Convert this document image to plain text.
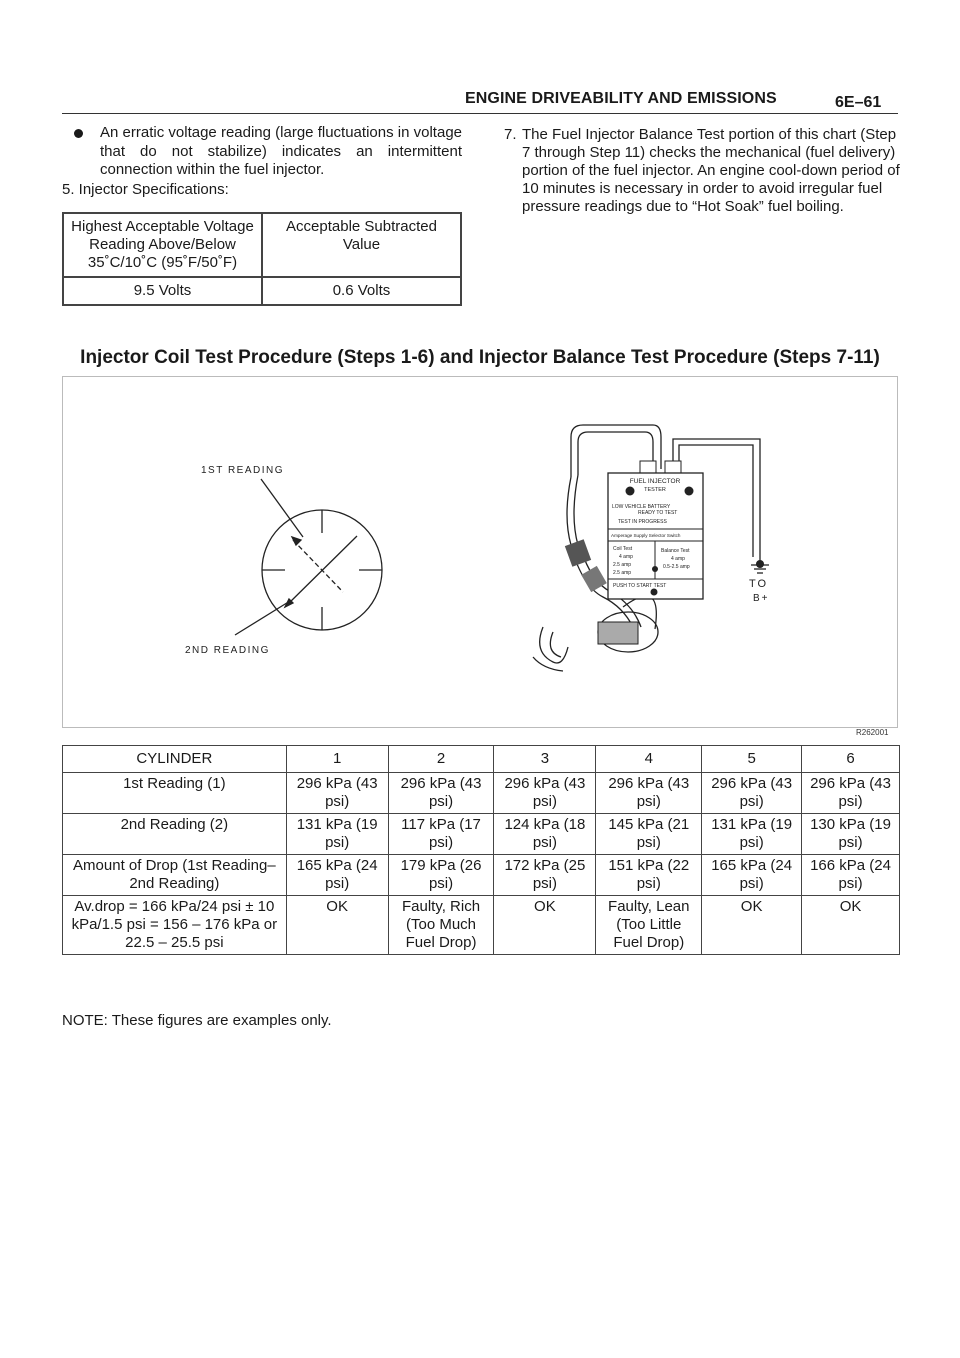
ENGINE DRIVEABILITY AND EMISSIONS	6E–61
An erratic voltage reading (large fluctuations in voltage that do not stabilize) indicates an intermittent connection within the fuel injector.
5. Injector Specifications:
Highest Acceptable Voltage Reading Above/Below 35˚C/10˚C (95˚F/50˚F)	Acceptable Subtracted Value
9.5 Volts	0.6 Volts
7. The Fuel Injector Balance Test portion of this chart (Step 7 through Step 11) checks the mechanical (fuel delivery) portion of the fuel injector. An engine cool-down period of 10 minutes is necessary in order to avoid irregular fuel pressure readings due to “Hot Soak” fuel boiling.
Injector Coil Test Procedure (Steps 1-6) and Injector Balance Test Procedure (Steps 7-11)
1ST READING
2ND READING
TO
B+
FUEL INJECTOR
TESTER
LOW VEHICLE BATTERY
READY TO TEST
TEST IN PROGRESS
Amperage Supply Selector Switch
Coil Test
4 amp
2.5 amp
2.5 amp
Balance Test
4 amp
0.5-2.5 amp
PUSH TO START TEST
R262001
CYLINDER	1	2	3	4	5	6
1st Reading (1)	296 kPa (43 psi)	296 kPa (43 psi)	296 kPa (43 psi)	296 kPa (43 psi)	296 kPa (43 psi)	296 kPa (43 psi)
2nd Reading (2)	131 kPa (19 psi)	117 kPa (17 psi)	124 kPa (18 psi)	145 kPa (21 psi)	131 kPa (19 psi)	130 kPa (19 psi)
Amount of Drop (1st Reading–2nd Reading)	165 kPa (24 psi)	179 kPa (26 psi)	172 kPa (25 psi)	151 kPa (22 psi)	165 kPa (24 psi)	166 kPa (24 psi)
Av.drop = 166 kPa/24 psi ± 10 kPa/1.5 psi = 156 – 176 kPa or 22.5 – 25.5 psi	OK	Faulty, Rich (Too Much Fuel Drop)	OK	Faulty, Lean (Too Little Fuel Drop)	OK	OK
NOTE: These figures are examples only.
